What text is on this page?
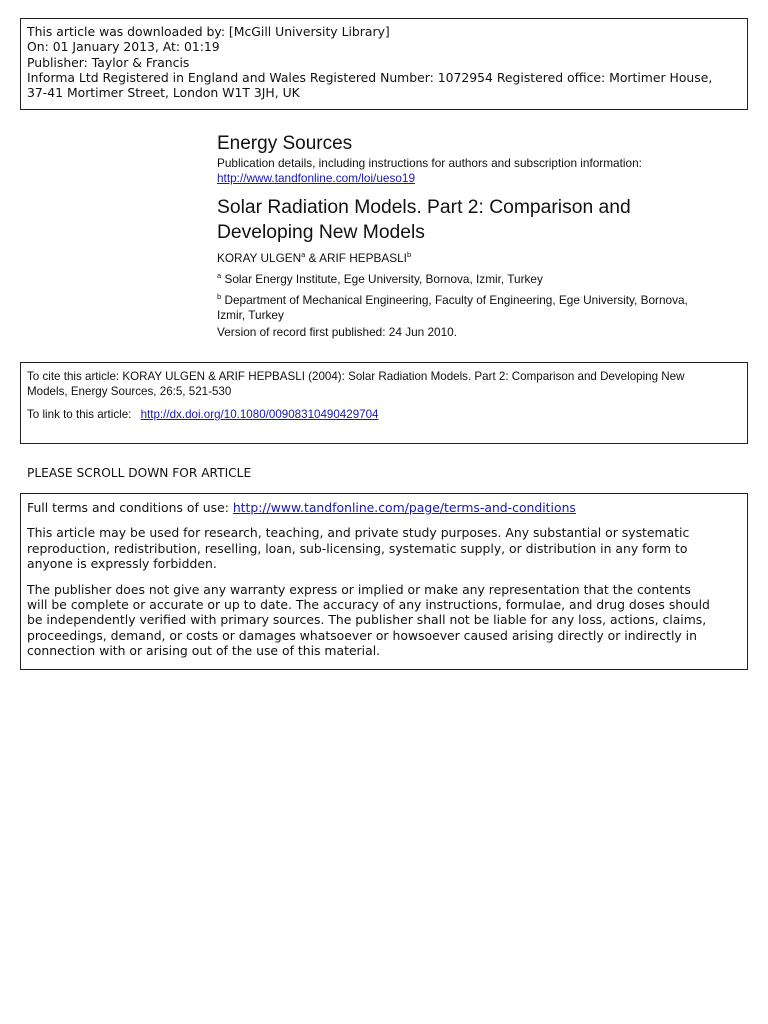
This article was downloaded by: [McGill University Library]
On: 01 January 2013, At: 01:19
Publisher: Taylor & Francis
Informa Ltd Registered in England and Wales Registered Number: 1072954 Registered office: Mortimer House,
37-41 Mortimer Street, London W1T 3JH, UK
Energy Sources
Publication details, including instructions for authors and subscription information:
http://www.tandfonline.com/loi/ueso19
Solar Radiation Models. Part 2: Comparison and
Developing New Models
KORAY ULGEN$^a$ & ARIF HEPBASLI$^b$
$^a$ Solar Energy Institute, Ege University, Bornova, Izmir, Turkey
$^b$ Department of Mechanical Engineering, Faculty of Engineering, Ege University, Bornova,
Izmir, Turkey
Version of record first published: 24 Jun 2010.
To cite this article: KORAY ULGEN & ARIF HEPBASLI (2004): Solar Radiation Models. Part 2: Comparison and Developing New
Models, Energy Sources, 26:5, 521-530
To link to this article: http://dx.doi.org/10.1080/00908310490429704
PLEASE SCROLL DOWN FOR ARTICLE

Full terms and conditions of use: http://www.tandfonline.com/page/terms-and-conditions

This article may be used for research, teaching, and private study purposes. Any substantial or systematic
reproduction, redistribution, reselling, loan, sub-licensing, systematic supply, or distribution in any form to
anyone is expressly forbidden.

The publisher does not give any warranty express or implied or make any representation that the contents
will be complete or accurate or up to date. The accuracy of any instructions, formulae, and drug doses should
be independently verified with primary sources. The publisher shall not be liable for any loss, actions, claims,
proceedings, demand, or costs or damages whatsoever or howsoever caused arising directly or indirectly in
connection with or arising out of the use of this material.
